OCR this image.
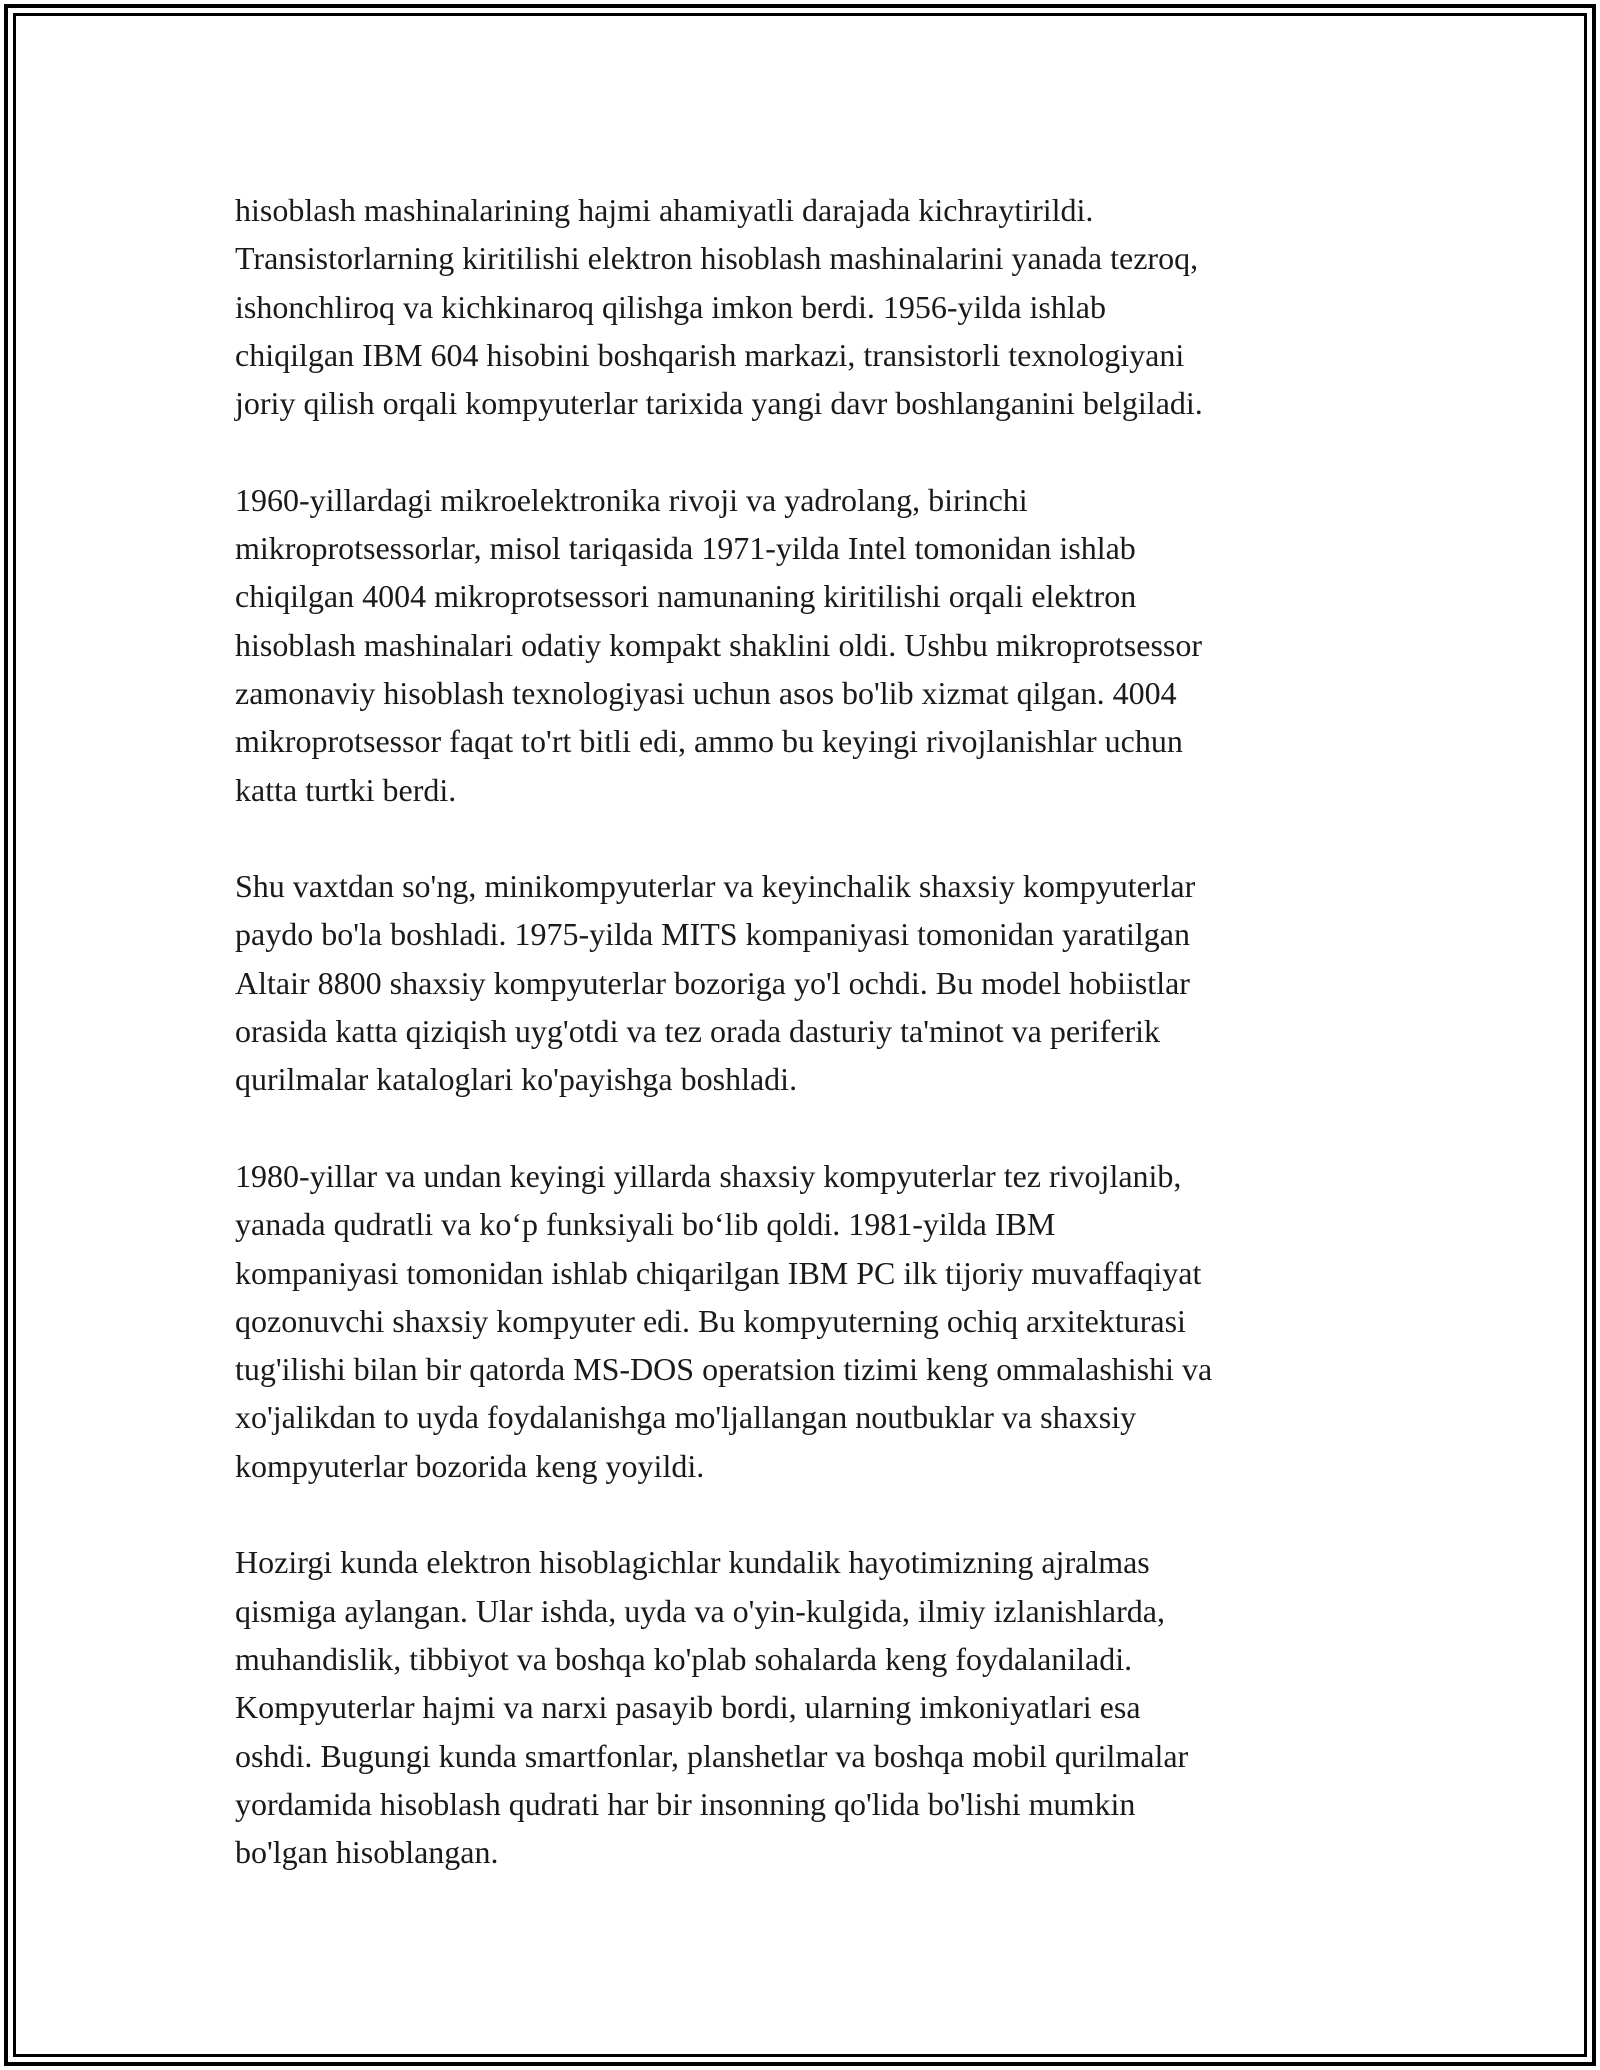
hisoblash mashinalarining hajmi ahamiyatli darajada kichraytirildi.
Transistorlarning kiritilishi elektron hisoblash mashinalarini yanada tezroq,
ishonchliroq va kichkinaroq qilishga imkon berdi. 1956-yilda ishlab
chiqilgan IBM 604 hisobini boshqarish markazi, transistorli texnologiyani
joriy qilish orqali kompyuterlar tarixida yangi davr boshlanganini belgiladi.

1960-yillardagi mikroelektronika rivoji va yadrolang, birinchi
mikroprotsessorlar, misol tariqasida 1971-yilda Intel tomonidan ishlab
chiqilgan 4004 mikroprotsessori namunaning kiritilishi orqali elektron
hisoblash mashinalari odatiy kompakt shaklini oldi. Ushbu mikroprotsessor
zamonaviy hisoblash texnologiyasi uchun asos bo'lib xizmat qilgan. 4004
mikroprotsessor faqat to'rt bitli edi, ammo bu keyingi rivojlanishlar uchun
katta turtki berdi.

Shu vaxtdan so'ng, minikompyuterlar va keyinchalik shaxsiy kompyuterlar
paydo bo'la boshladi. 1975-yilda MITS kompaniyasi tomonidan yaratilgan
Altair 8800 shaxsiy kompyuterlar bozoriga yo'l ochdi. Bu model hobiistlar
orasida katta qiziqish uyg'otdi va tez orada dasturiy ta'minot va periferik
qurilmalar kataloglari ko'payishga boshladi.

1980-yillar va undan keyingi yillarda shaxsiy kompyuterlar tez rivojlanib,
yanada qudratli va ko‘p funksiyali bo‘lib qoldi. 1981-yilda IBM
kompaniyasi tomonidan ishlab chiqarilgan IBM PC ilk tijoriy muvaffaqiyat
qozonuvchi shaxsiy kompyuter edi. Bu kompyuterning ochiq arxitekturasi
tug'ilishi bilan bir qatorda MS-DOS operatsion tizimi keng ommalashishi va
xo'jalikdan to uyda foydalanishga mo'ljallangan noutbuklar va shaxsiy
kompyuterlar bozorida keng yoyildi.

Hozirgi kunda elektron hisoblagichlar kundalik hayotimizning ajralmas
qismiga aylangan. Ular ishda, uyda va o'yin-kulgida, ilmiy izlanishlarda,
muhandislik, tibbiyot va boshqa ko'plab sohalarda keng foydalaniladi.
Kompyuterlar hajmi va narxi pasayib bordi, ularning imkoniyatlari esa
oshdi. Bugungi kunda smartfonlar, planshetlar va boshqa mobil qurilmalar
yordamida hisoblash qudrati har bir insonning qo'lida bo'lishi mumkin
bo'lgan hisoblangan.
